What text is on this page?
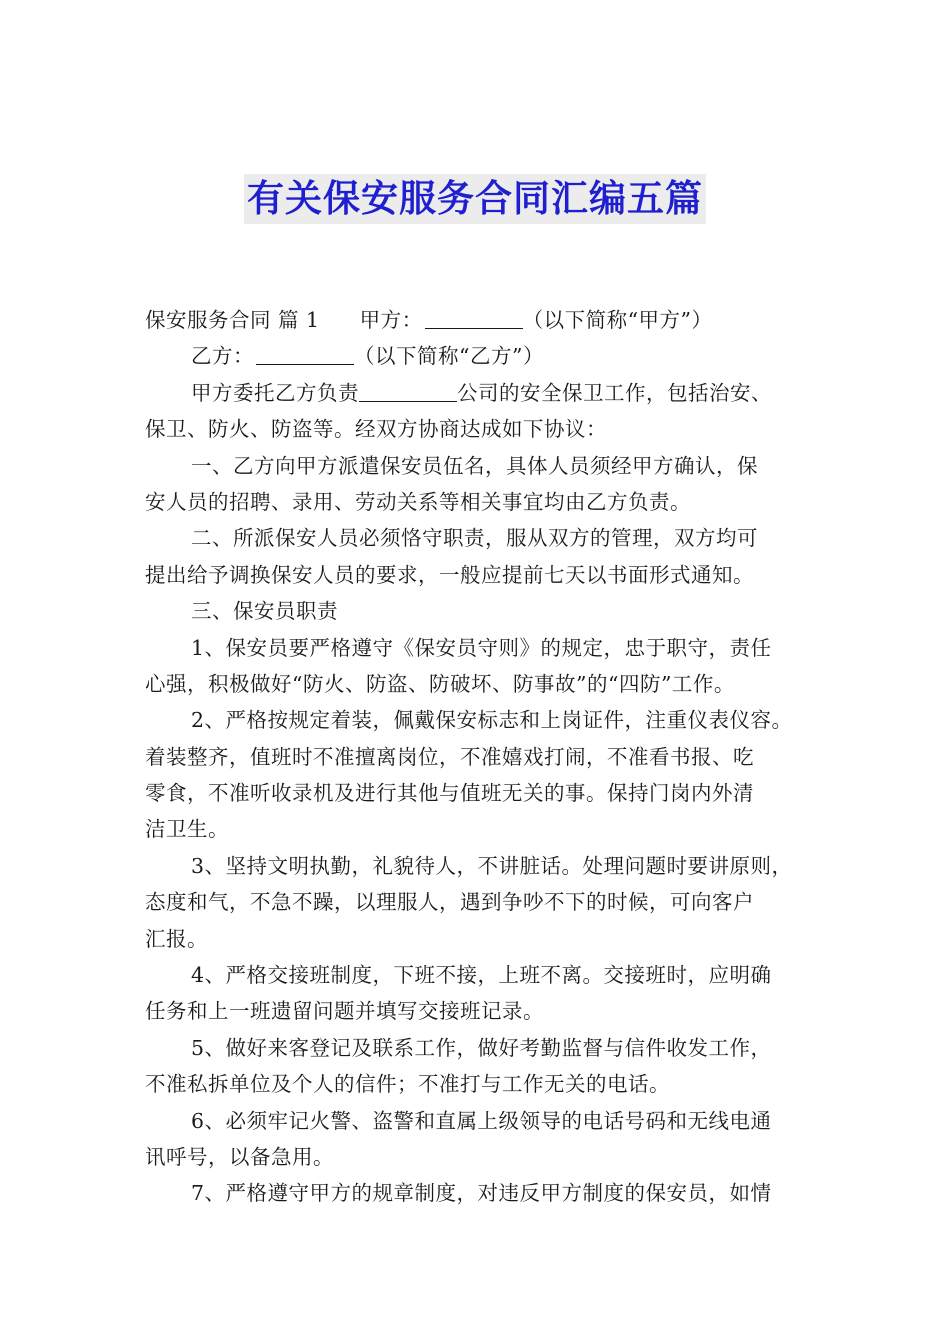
有关保安服务合同汇编五篇
保安服务合同 篇 1 甲方：	（以下简称“甲方”）
乙方：	（以下简称“乙方”）
甲方委托乙方负责	公司的安全保卫工作，包括治安、
保卫、防火、防盗等。经双方协商达成如下协议：
一、乙方向甲方派遣保安员伍名，具体人员须经甲方确认，保
安人员的招聘、录用、劳动关系等相关事宜均由乙方负责。
二、所派保安人员必须恪守职责，服从双方的管理，双方均可
提出给予调换保安人员的要求，一般应提前七天以书面形式通知。
三、保安员职责
1、保安员要严格遵守《保安员守则》的规定，忠于职守，责任
心强，积极做好“防火、防盗、防破坏、防事故”的“四防”工作。
2、严格按规定着装，佩戴保安标志和上岗证件，注重仪表仪容。
着装整齐，值班时不准擅离岗位，不准嬉戏打闹，不准看书报、吃
零食，不准听收录机及进行其他与值班无关的事。保持门岗内外清
洁卫生。
3、坚持文明执勤，礼貌待人，不讲脏话。处理问题时要讲原则，
态度和气，不急不躁，以理服人，遇到争吵不下的时候，可向客户
汇报。
4、严格交接班制度，下班不接，上班不离。交接班时，应明确
任务和上一班遗留问题并填写交接班记录。
5、做好来客登记及联系工作，做好考勤监督与信件收发工作，
不准私拆单位及个人的信件；不准打与工作无关的电话。
6、必须牢记火警、盗警和直属上级领导的电话号码和无线电通
讯呼号，以备急用。
7、严格遵守甲方的规章制度，对违反甲方制度的保安员，如情
